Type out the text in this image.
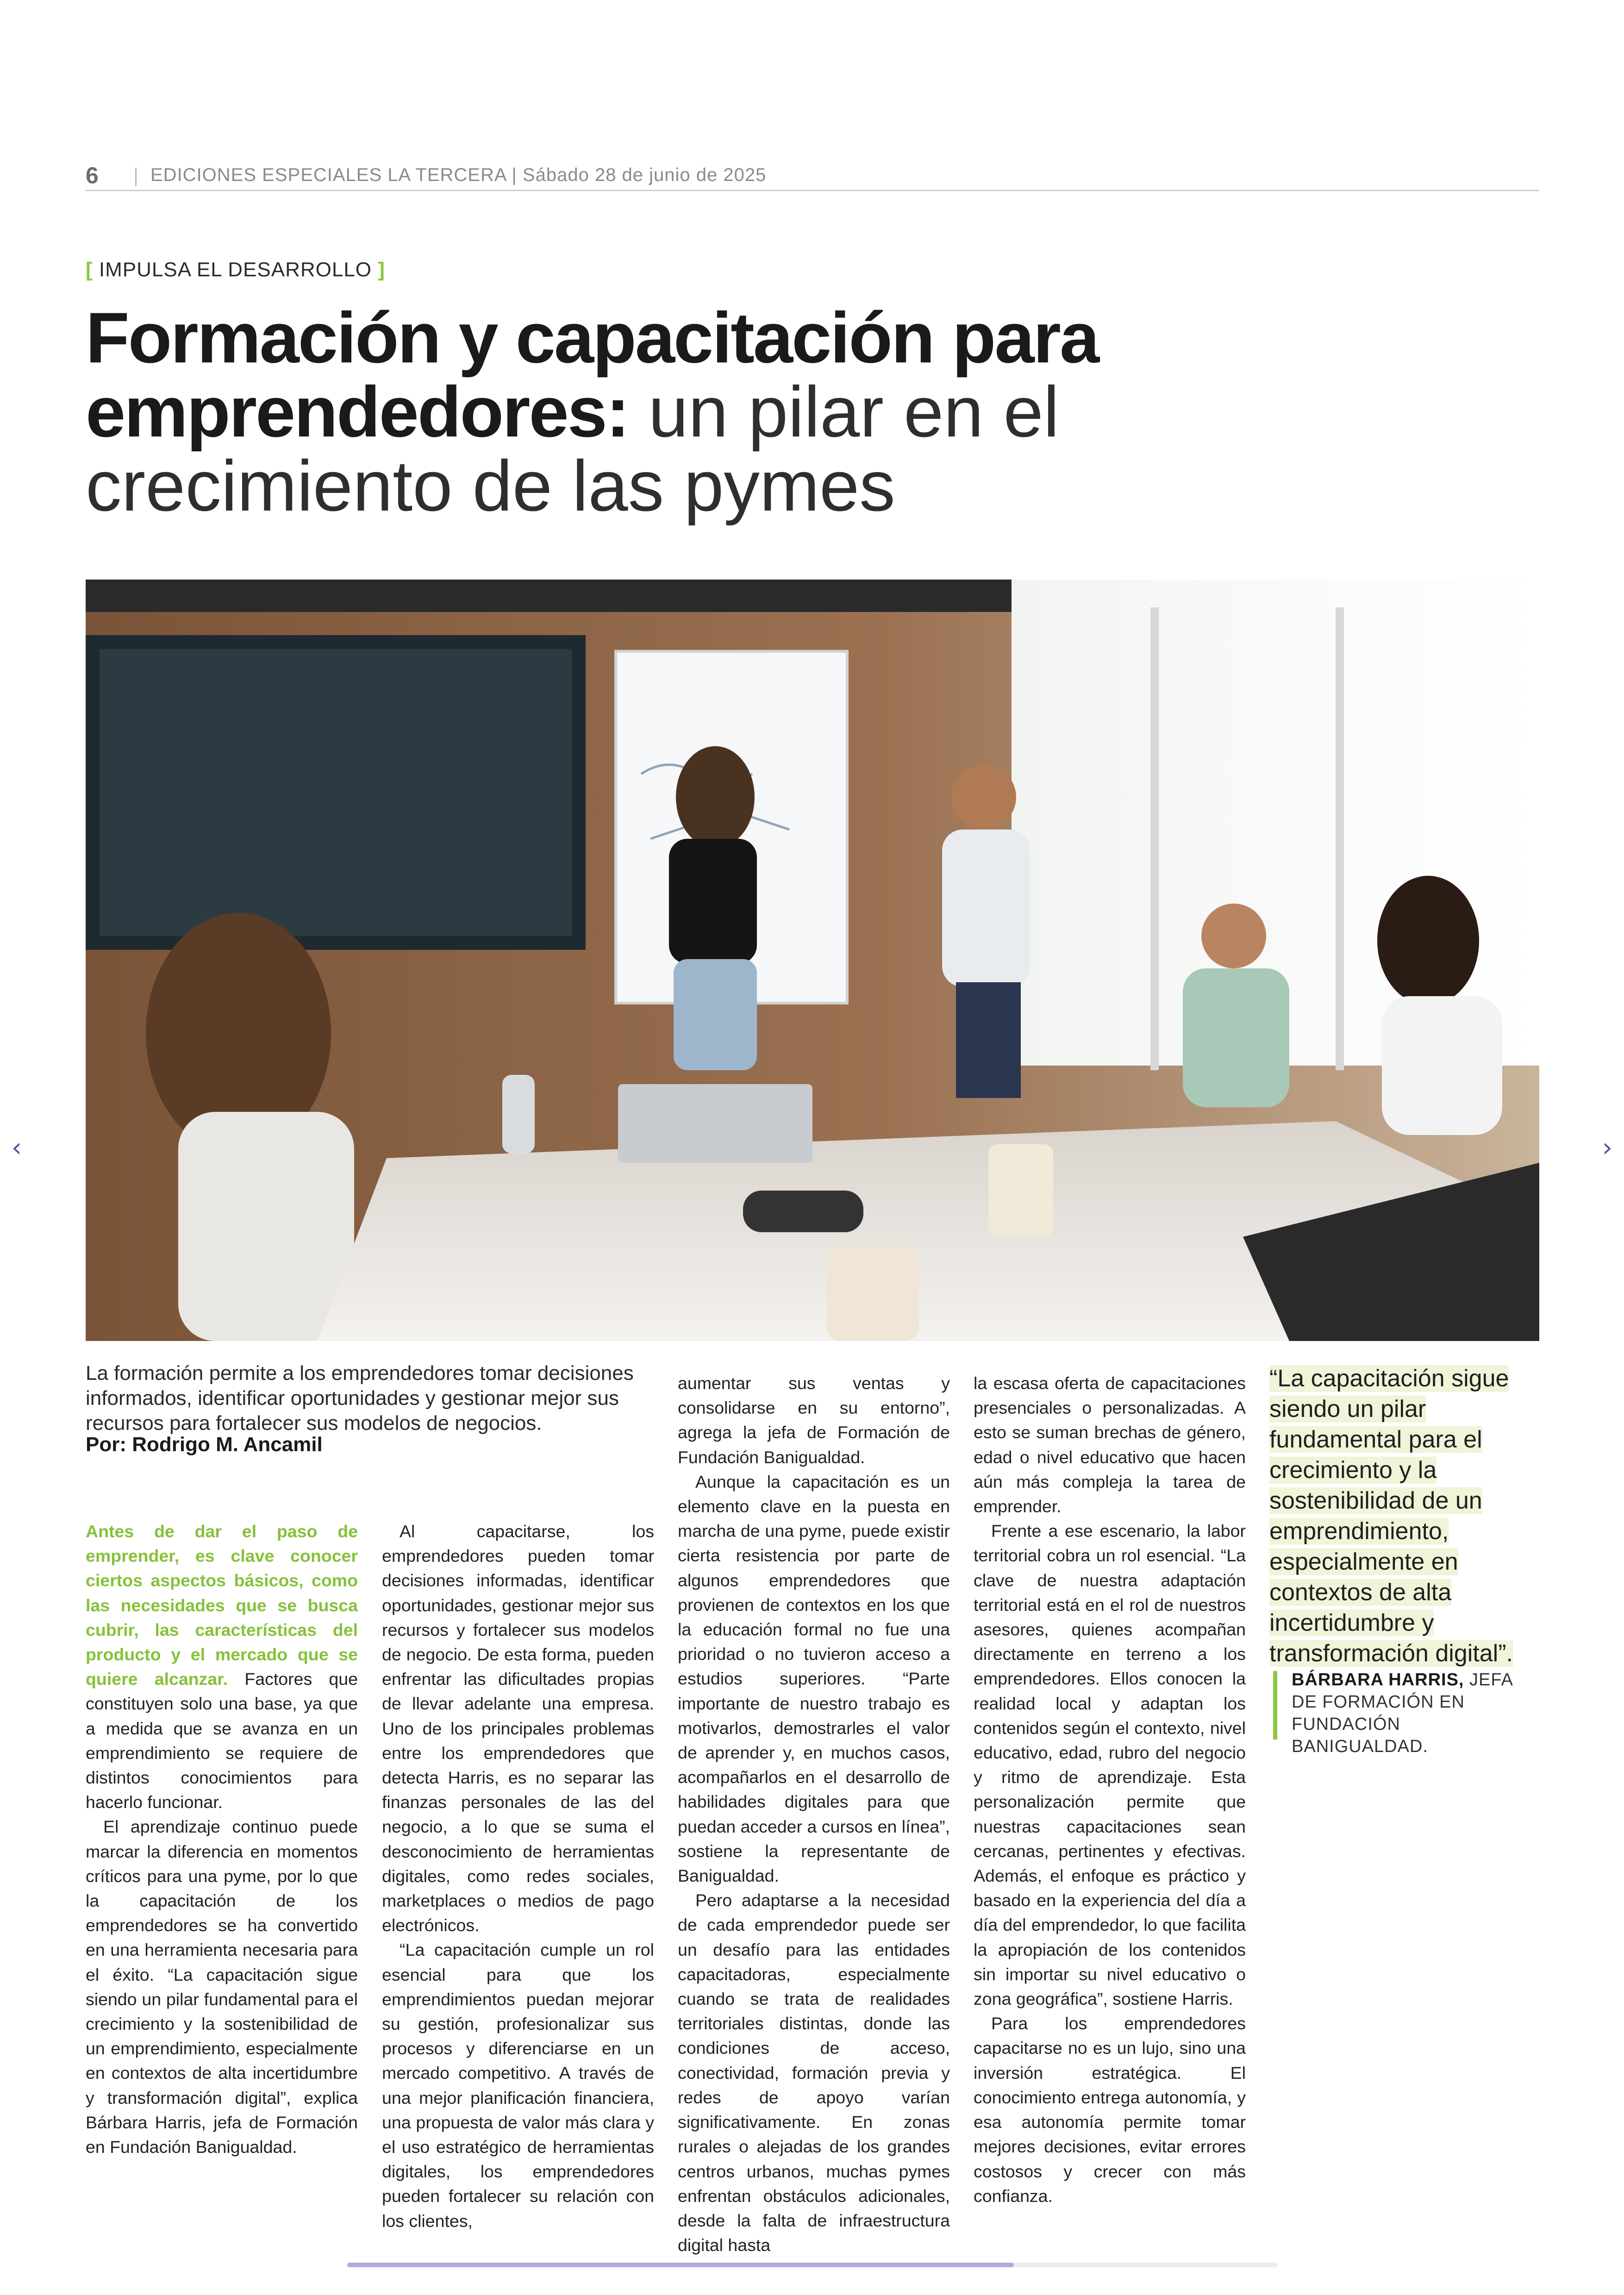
6	EDICIONES ESPECIALES LA TERCERA | Sábado 28 de junio de 2025
[ IMPULSA EL DESARROLLO ]
Formación y capacitación para
emprendedores: un pilar en el
crecimiento de las pymes
La formación permite a los emprendedores tomar decisiones informados, identificar oportunidades y gestionar mejor sus recursos para fortalecer sus modelos de negocios.
Por: Rodrigo M. Ancamil

Antes de dar el paso de emprender, es clave conocer ciertos aspectos básicos, como las necesidades que se busca cubrir, las características del producto y el mercado que se quiere alcanzar. Factores que constituyen solo una base, ya que a medida que se avanza en un emprendimiento se requiere de distintos conocimientos para hacerlo funcionar.

El aprendizaje continuo puede marcar la diferencia en momentos críticos para una pyme, por lo que la capacitación de los emprendedores se ha convertido en una herramienta necesaria para el éxito. “La capacitación sigue siendo un pilar fundamental para el crecimiento y la sostenibilidad de un emprendimiento, especialmente en contextos de alta incertidumbre y transformación digital”, explica Bárbara Harris, jefa de Formación en Fundación Banigualdad.

Al capacitarse, los emprendedores pueden tomar decisiones informadas, identificar oportunidades, gestionar mejor sus recursos y fortalecer sus modelos de negocio. De esta forma, pueden enfrentar las dificultades propias de llevar adelante una empresa. Uno de los principales problemas entre los emprendedores que detecta Harris, es no separar las finanzas personales de las del negocio, a lo que se suma el desconocimiento de herramientas digitales, como redes sociales, marketplaces o medios de pago electrónicos.

“La capacitación cumple un rol esencial para que los emprendimientos puedan mejorar su gestión, profesionalizar sus procesos y diferenciarse en un mercado competitivo. A través de una mejor planificación financiera, una propuesta de valor más clara y el uso estratégico de herramientas digitales, los emprendedores pueden fortalecer su relación con los clientes,

aumentar sus ventas y consolidarse en su entorno”, agrega la jefa de Formación de Fundación Banigualdad.

Aunque la capacitación es un elemento clave en la puesta en marcha de una pyme, puede existir cierta resistencia por parte de algunos emprendedores que provienen de contextos en los que la educación formal no fue una prioridad o no tuvieron acceso a estudios superiores. “Parte importante de nuestro trabajo es motivarlos, demostrarles el valor de aprender y, en muchos casos, acompañarlos en el desarrollo de habilidades digitales para que puedan acceder a cursos en línea”, sostiene la representante de Banigualdad.

Pero adaptarse a la necesidad de cada emprendedor puede ser un desafío para las entidades capacitadoras, especialmente cuando se trata de realidades territoriales distintas, donde las condiciones de acceso, conectividad, formación previa y redes de apoyo varían significativamente. En zonas rurales o alejadas de los grandes centros urbanos, muchas pymes enfrentan obstáculos adicionales, desde la falta de infraestructura digital hasta

la escasa oferta de capacitaciones presenciales o personalizadas. A esto se suman brechas de género, edad o nivel educativo que hacen aún más compleja la tarea de emprender.

Frente a ese escenario, la labor territorial cobra un rol esencial. “La clave de nuestra adaptación territorial está en el rol de nuestros asesores, quienes acompañan directamente en terreno a los emprendedores. Ellos conocen la realidad local y adaptan los contenidos según el contexto, nivel educativo, edad, rubro del negocio y ritmo de aprendizaje. Esta personalización permite que nuestras capacitaciones sean cercanas, pertinentes y efectivas. Además, el enfoque es práctico y basado en la experiencia del día a día del emprendedor, lo que facilita la apropiación de los contenidos sin importar su nivel educativo o zona geográfica”, sostiene Harris.

Para los emprendedores capacitarse no es un lujo, sino una inversión estratégica. El conocimiento entrega autonomía, y esa autonomía permite tomar mejores decisiones, evitar errores costosos y crecer con más confianza.

“La capacitación sigue siendo un pilar fundamental para el crecimiento y la sostenibilidad de un emprendimiento, especialmente en contextos de alta incertidumbre y transformación digital”.
BÁRBARA HARRIS, JEFA DE FORMACIÓN EN FUNDACIÓN BANIGUALDAD.
‹	›
